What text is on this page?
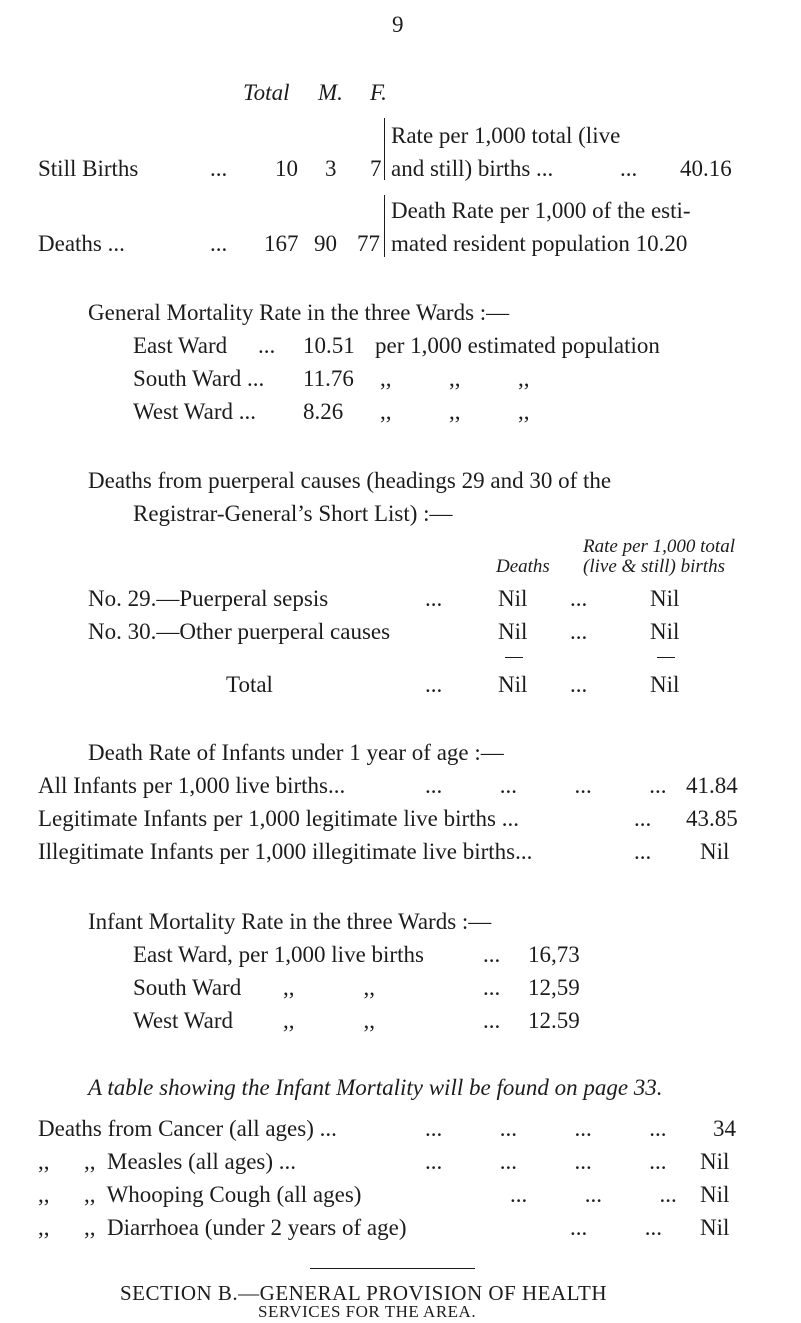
9
Total M. F.
Still Births	... 10 3 7
Rate per 1,000 total (live
and still) births ...	... 40.16
Deaths ...	... 167 90 77
Death Rate per 1,000 of the esti-
mated resident population 10.20
General Mortality Rate in the three Wards :—
East Ward ... 10.51 per 1,000 estimated population
South Ward ... 11.76 ,,          ,,          ,,
West Ward ... 8.26 ,,          ,,          ,,
Deaths from puerperal causes (headings 29 and 30 of the
Registrar-General’s Short List) :—
Rate per 1,000 total
Deaths (live & still) births
No. 29.—Puerperal sepsis	... Nil ...	Nil
No. 30.—Other puerperal causes	Nil ...	Nil
Total	... Nil ...	Nil
Death Rate of Infants under 1 year of age :—
All Infants per 1,000 live births...	...          ...          ...          ... 41.84
Legitimate Infants per 1,000 legitimate live births ...	... 43.85
Illegitimate Infants per 1,000 illegitimate live births...	... Nil
Infant Mortality Rate in the three Wards :—
East Ward, per 1,000 live births	... 16,73
South Ward ,,            ,,	... 12,59
West Ward ,,            ,,	... 12.59
A table showing the Infant Mortality will be found on page 33.
Deaths from Cancer (all ages) ...	...          ...          ...          ... 34
,,      ,,  Measles (all ages) ...	...          ...          ...          ... Nil
,,      ,,  Whooping Cough (all ages)	...          ...          ... Nil
,,      ,,  Diarrhoea (under 2 years of age)	...          ... Nil
SECTION B.—GENERAL PROVISION OF HEALTH
SERVICES FOR THE AREA.
